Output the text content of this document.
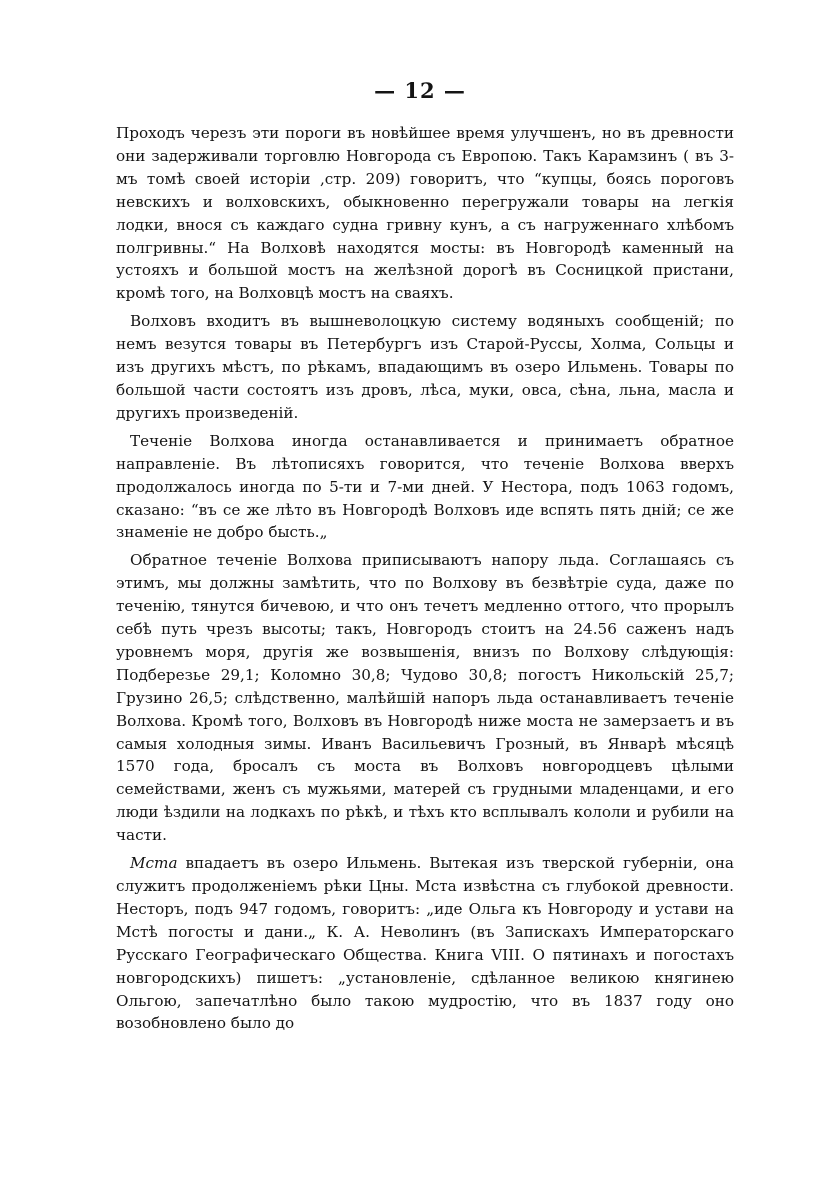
— 12 —

Проходъ черезъ эти пороги въ новѣйшее время улучшенъ, но въ древности они задерживали торговлю Новгорода съ Европою. Такъ Карамзинъ ( въ 3-мъ томѣ своей исторіи ,стр. 209) говоритъ, что “купцы, боясь пороговъ невскихъ и волховскихъ, обыкновенно перегружали товары на легкія лодки, внося съ каждаго судна гривну кунъ, а съ нагруженнаго хлѣбомъ полгривны.“ На Волховѣ находятся мосты: въ Новгородѣ каменный на устояхъ и большой мостъ на желѣзной дорогѣ въ Сосницкой пристани, кромѣ того, на Волховцѣ мостъ на сваяхъ.

Волховъ входитъ въ вышневолоцкую систему водяныхъ сообщеній; по немъ везутся товары въ Петербургъ изъ Старой-Руссы, Холма, Сольцы и изъ другихъ мѣстъ, по рѣкамъ, впадающимъ въ озеро Ильмень. Товары по большой части состоятъ изъ дровъ, лѣса, муки, овса, сѣна, льна, масла и другихъ произведеній.

Теченіе Волхова иногда останавливается и принимаетъ обратное направленіе. Въ лѣтописяхъ говорится, что теченіе Волхова вверхъ продолжалось иногда по 5-ти и 7-ми дней. У Нестора, подъ 1063 годомъ, сказано: “въ се же лѣто въ Новгородѣ Волховъ иде вспять пять дній; се же знаменіе не добро бысть.„

Обратное теченіе Волхова приписываютъ напору льда. Соглашаясь съ этимъ, мы должны замѣтить, что по Волхову въ безвѣтріе суда, даже по теченію, тянутся бичевою, и что онъ течетъ медленно оттого, что прорылъ себѣ путь чрезъ высоты; такъ, Новгородъ стоитъ на 24.56 саженъ надъ уровнемъ моря, другія же возвышенія, внизъ по Волхову слѣдующія: Подберезье 29,1; Коломно 30,8; Чудово 30,8; погостъ Никольскій 25,7; Грузино 26,5; слѣдственно, малѣйшій напоръ льда останавливаетъ теченіе Волхова. Кромѣ того, Волховъ въ Новгородѣ ниже моста не замерзаетъ и въ самыя холодныя зимы. Иванъ Васильевичъ Грозный, въ Январѣ мѣсяцѣ 1570 года, бросалъ съ моста въ Волховъ новгородцевъ цѣлыми семействами, женъ съ мужьями, матерей съ грудными младенцами, и его люди ѣздили на лодкахъ по рѣкѣ, и тѣхъ кто всплывалъ кололи и рубили на части.

Мста впадаетъ въ озеро Ильмень. Вытекая изъ тверской губерніи, она служитъ продолженіемъ рѣки Цны. Мста извѣстна съ глубокой древности. Несторъ, подъ 947 годомъ, говоритъ: „иде Ольга къ Новгороду и устави на Мстѣ погосты и дани.„ К. А. Неволинъ (въ Запискахъ Императорскаго Русскаго Географическаго Общества. Книга VIII. О пятинахъ и погостахъ новгородскихъ) пишетъ: „установленіе, сдѣланное великою княгинею Ольгою, запечатлѣно было такою мудростію, что въ 1837 году оно возобновлено было до
